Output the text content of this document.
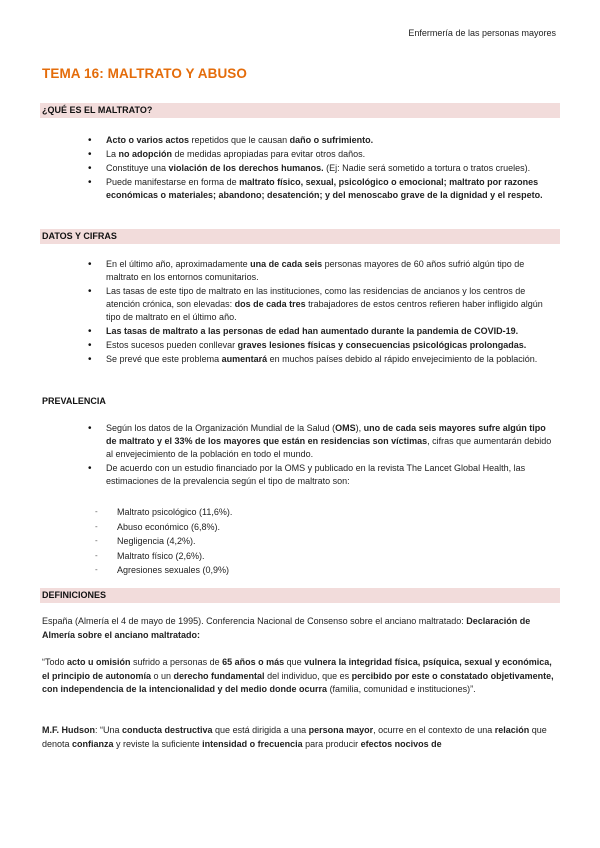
Enfermería de las personas mayores
TEMA 16: MALTRATO Y ABUSO
¿QUÉ ES EL MALTRATO?
• Acto o varios actos repetidos que le causan daño o sufrimiento.
• La no adopción de medidas apropiadas para evitar otros daños.
• Constituye una violación de los derechos humanos. (Ej: Nadie será sometido a tortura o tratos crueles).
• Puede manifestarse en forma de maltrato físico, sexual, psicológico o emocional; maltrato por razones económicas o materiales; abandono; desatención; y del menoscabo grave de la dignidad y el respeto.
DATOS Y CIFRAS
• En el último año, aproximadamente una de cada seis personas mayores de 60 años sufrió algún tipo de maltrato en los entornos comunitarios.
• Las tasas de este tipo de maltrato en las instituciones, como las residencias de ancianos y los centros de atención crónica, son elevadas: dos de cada tres trabajadores de estos centros refieren haber infligido algún tipo de maltrato en el último año.
• Las tasas de maltrato a las personas de edad han aumentado durante la pandemia de COVID-19.
• Estos sucesos pueden conllevar graves lesiones físicas y consecuencias psicológicas prolongadas.
• Se prevé que este problema aumentará en muchos países debido al rápido envejecimiento de la población.
PREVALENCIA
• Según los datos de la Organización Mundial de la Salud (OMS), uno de cada seis mayores sufre algún tipo de maltrato y el 33% de los mayores que están en residencias son víctimas, cifras que aumentarán debido al envejecimiento de la población en todo el mundo.
• De acuerdo con un estudio financiado por la OMS y publicado en la revista The Lancet Global Health, las estimaciones de la prevalencia según el tipo de maltrato son:
- Maltrato psicológico (11,6%).
- Abuso económico (6,8%).
- Negligencia (4,2%).
- Maltrato físico (2,6%).
- Agresiones sexuales (0,9%)
DEFINICIONES

España (Almería el 4 de mayo de 1995). Conferencia Nacional de Consenso sobre el anciano maltratado: Declaración de Almería sobre el anciano maltratado:

“Todo acto u omisión sufrido a personas de 65 años o más que vulnera la integridad física, psíquica, sexual y económica, el principio de autonomía o un derecho fundamental del individuo, que es percibido por este o constatado objetivamente, con independencia de la intencionalidad y del medio donde ocurra (familia, comunidad e instituciones)”.

M.F. Hudson: “Una conducta destructiva que está dirigida a una persona mayor, ocurre en el contexto de una relación que denota confianza y reviste la suficiente intensidad o frecuencia para producir efectos nocivos de
